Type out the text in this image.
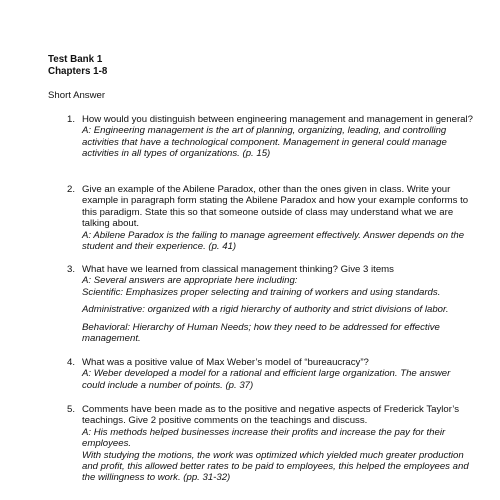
Test Bank 1
Chapters 1-8
Short Answer
1. How would you distinguish between engineering management and management in general?

A: Engineering management is the art of planning, organizing, leading, and controlling activities that have a technological component. Management in general could manage activities in all types of organizations. (p. 15)

2. Give an example of the Abilene Paradox, other than the ones given in class. Write your example in paragraph form stating the Abilene Paradox and how your example conforms to this paradigm. State this so that someone outside of class may understand what we are talking about.

A: Abilene Paradox is the failing to manage agreement effectively. Answer depends on the student and their experience. (p. 41)

3. What have we learned from classical management thinking? Give 3 items

A: Several answers are appropriate here including:

Scientific: Emphasizes proper selecting and training of workers and using standards.

Administrative: organized with a rigid hierarchy of authority and strict divisions of labor.

Behavioral: Hierarchy of Human Needs; how they need to be addressed for effective management.

4. What was a positive value of Max Weber’s model of “bureaucracy”?

A: Weber developed a model for a rational and efficient large organization. The answer could include a number of points. (p. 37)

5. Comments have been made as to the positive and negative aspects of Frederick Taylor’s teachings. Give 2 positive comments on the teachings and discuss.

A: His methods helped businesses increase their profits and increase the pay for their employees.

With studying the motions, the work was optimized which yielded much greater production and profit, this allowed better rates to be paid to employees, this helped the employees and the willingness to work. (pp. 31-32)
